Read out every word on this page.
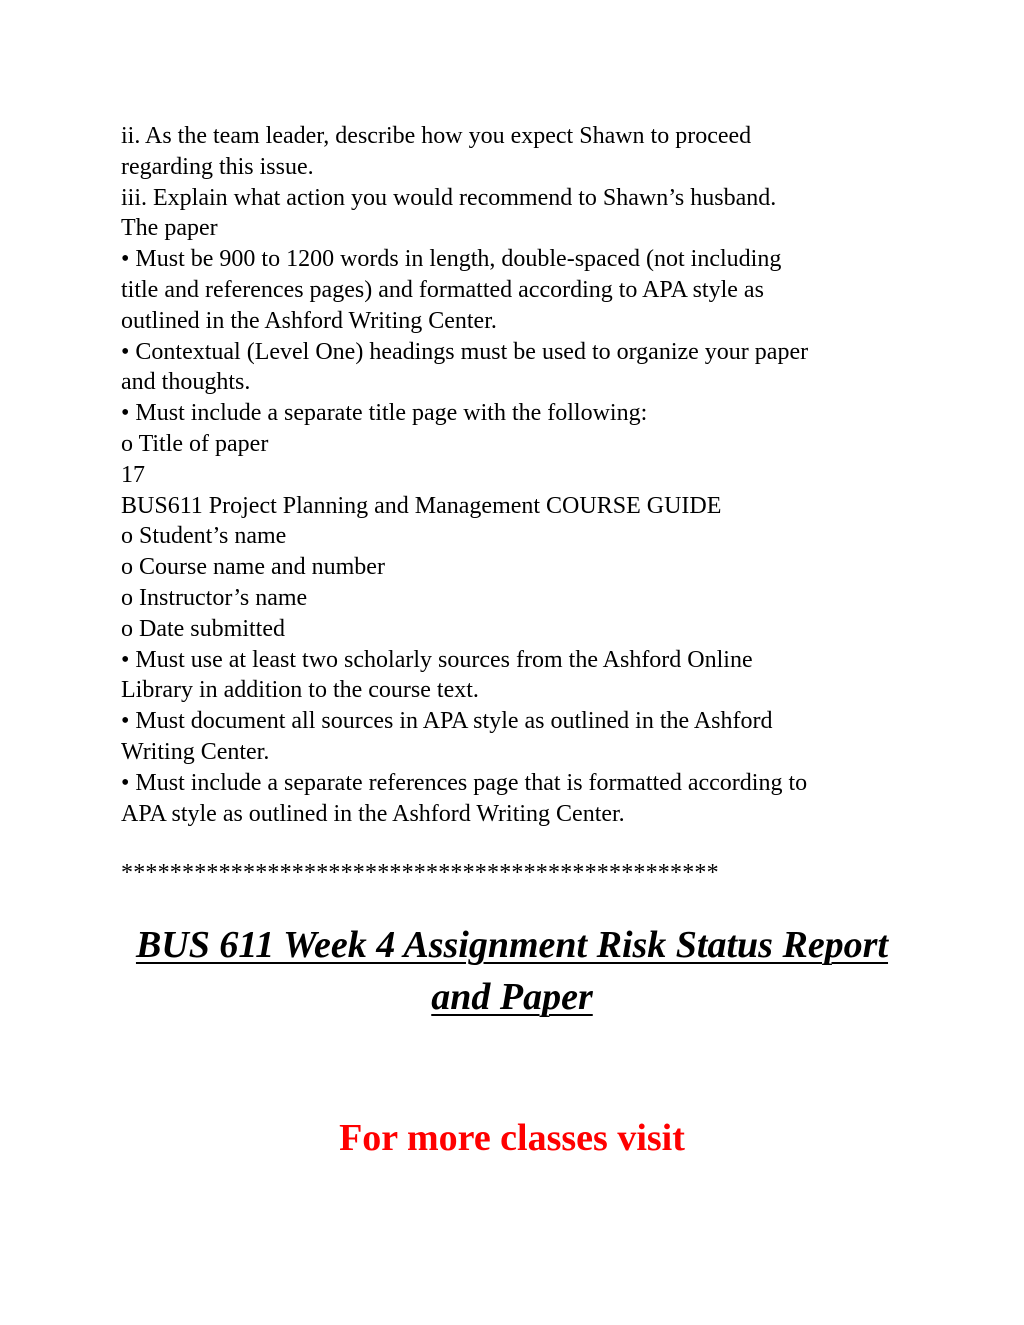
ii. As the team leader, describe how you expect Shawn to proceed
regarding this issue.
iii. Explain what action you would recommend to Shawn’s husband.
The paper
• Must be 900 to 1200 words in length, double-spaced (not including
title and references pages) and formatted according to APA style as
outlined in the Ashford Writing Center.
• Contextual (Level One) headings must be used to organize your paper
and thoughts.
• Must include a separate title page with the following:
o Title of paper
17
BUS611 Project Planning and Management COURSE GUIDE
o Student’s name
o Course name and number
o Instructor’s name
o Date submitted
• Must use at least two scholarly sources from the Ashford Online
Library in addition to the course text.
• Must document all sources in APA style as outlined in the Ashford
Writing Center.
• Must include a separate references page that is formatted according to
APA style as outlined in the Ashford Writing Center.
*************************************************
BUS 611 Week 4 Assignment Risk Status Report
and Paper
For more classes visit
